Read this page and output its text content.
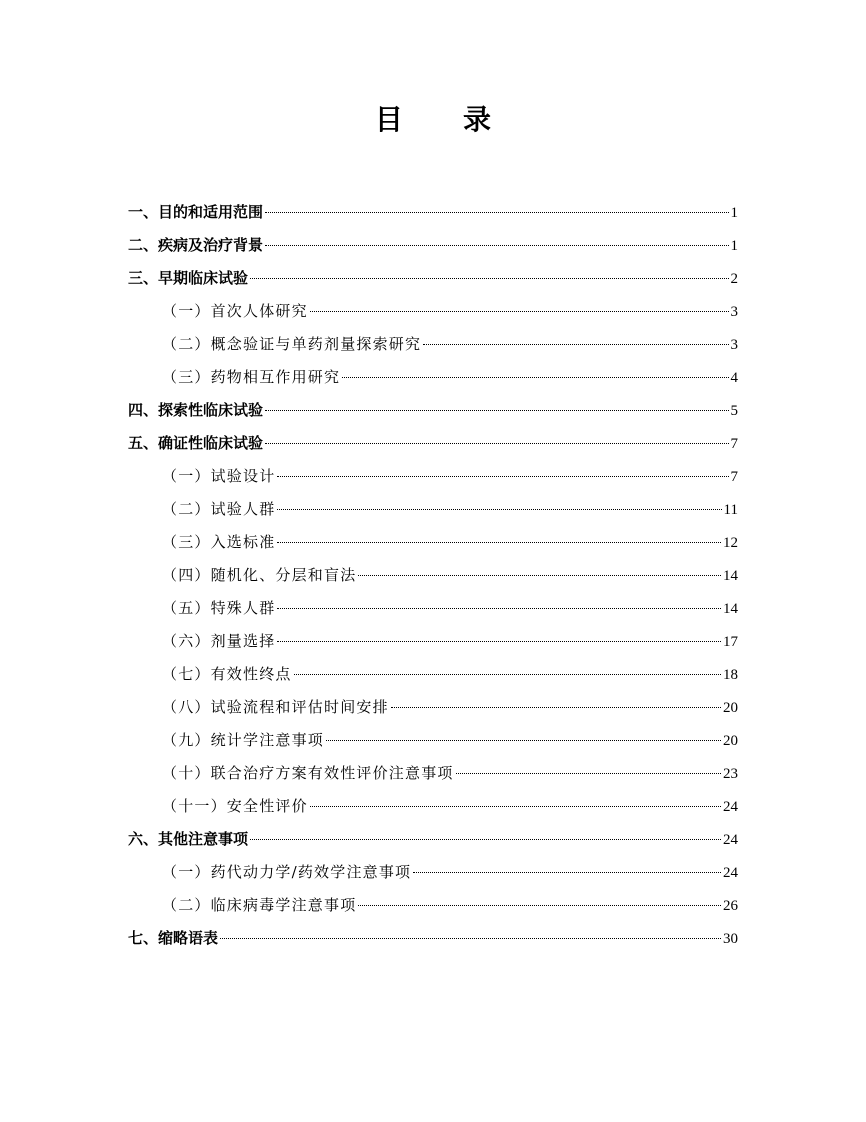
目 录
一、目的和适用范围	1
二、疾病及治疗背景	1
三、早期临床试验	2
（一）首次人体研究	3
（二）概念验证与单药剂量探索研究	3
（三）药物相互作用研究	4
四、探索性临床试验	5
五、确证性临床试验	7
（一）试验设计	7
（二）试验人群	11
（三）入选标准	12
（四）随机化、分层和盲法	14
（五）特殊人群	14
（六）剂量选择	17
（七）有效性终点	18
（八）试验流程和评估时间安排	20
（九）统计学注意事项	20
（十）联合治疗方案有效性评价注意事项	23
（十一）安全性评价	24
六、其他注意事项	24
（一）药代动力学/药效学注意事项	24
（二）临床病毒学注意事项	26
七、缩略语表	30
